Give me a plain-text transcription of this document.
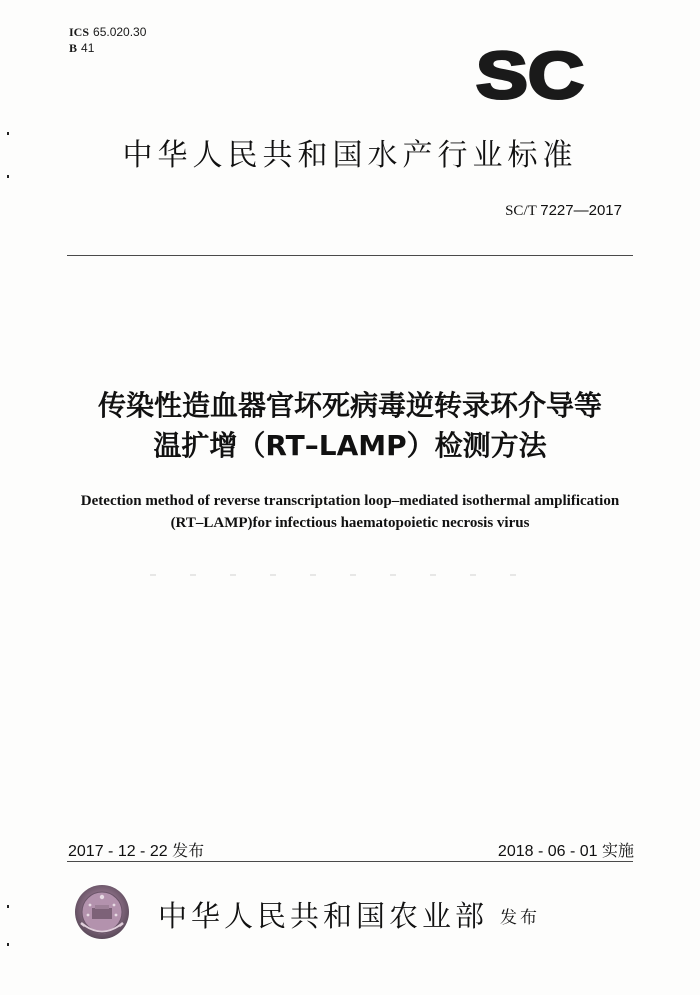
ICS 65.020.30
B 41	SC
中华人民共和国水产行业标准
SC/T 7227—2017
传染性造血器官坏死病毒逆转录环介导等
温扩增（RT–LAMP）检测方法
Detection method of reverse transcriptation loop–mediated isothermal amplification
(RT–LAMP)for infectious haematopoietic necrosis virus
2017 - 12 - 22 发布	2018 - 06 - 01 实施
中华人民共和国农业部 发布
